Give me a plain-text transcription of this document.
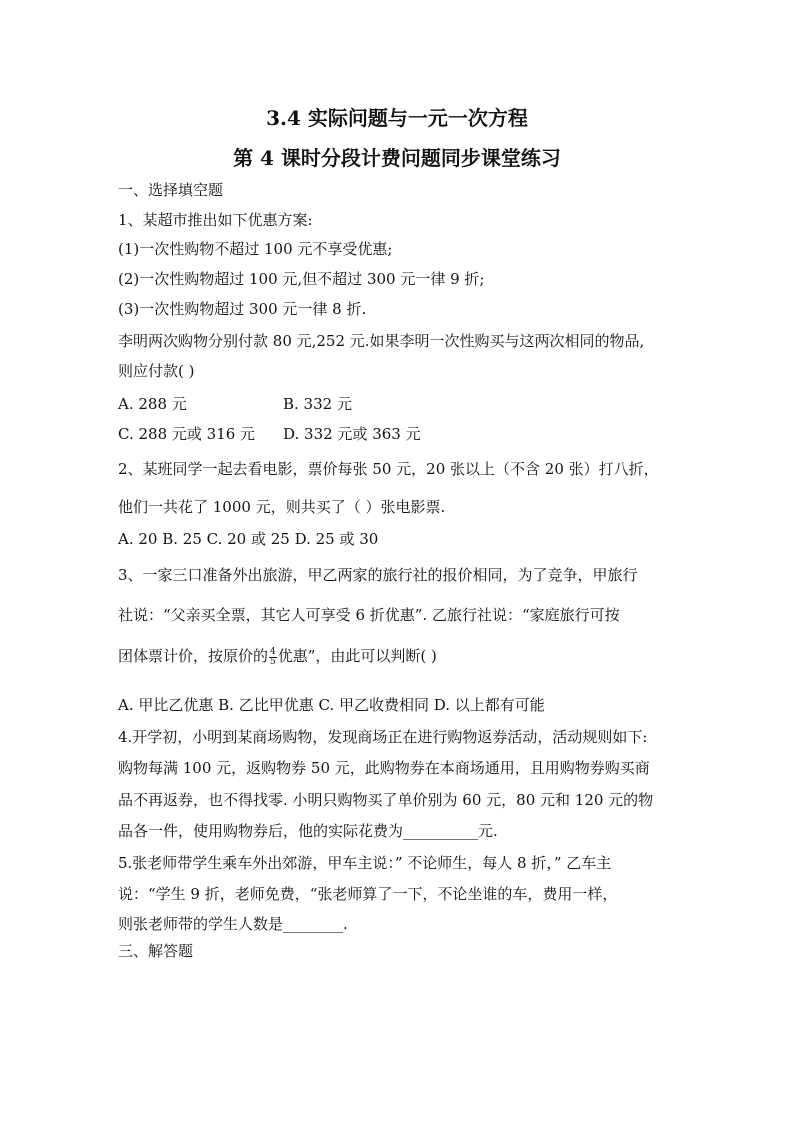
3.4 实际问题与一元一次方程
第 4 课时分段计费问题同步课堂练习
一、选择填空题
1、某超市推出如下优惠方案:
(1)一次性购物不超过 100 元不享受优惠;
(2)一次性购物超过 100 元,但不超过 300 元一律 9 折;
(3)一次性购物超过 300 元一律 8 折.
李明两次购物分别付款 80 元,252 元.如果李明一次性购买与这两次相同的物品,
则应付款( )
A. 288 元	B. 332 元
C. 288 元或 316 元 D. 332 元或 363 元
2、某班同学一起去看电影，票价每张 50 元，20 张以上（不含 20 张）打八折，
他们一共花了 1000 元，则共买了（ ）张电影票.
A. 20 B. 25 C. 20 或 25 D. 25 或 30
3、一家三口准备外出旅游，甲乙两家的旅行社的报价相同，为了竞争，甲旅行
社说：“父亲买全票，其它人可享受 6 折优惠”. 乙旅行社说：“家庭旅行可按
团体票计价，按原价的 $\frac{4}{5}$ 优惠”，由此可以判断( )
A. 甲比乙优惠 B. 乙比甲优惠 C. 甲乙收费相同 D. 以上都有可能
4.开学初，小明到某商场购物，发现商场正在进行购物返券活动，活动规则如下:
购物每满 100 元，返购物券 50 元，此购物券在本商场通用，且用购物券购买商
品不再返券，也不得找零. 小明只购物买了单价别为 60 元，80 元和 120 元的物
品各一件，使用购物券后，他的实际花费为__________元.
5.张老师带学生乘车外出郊游，甲车主说：” 不论师生，每人 8 折，” 乙车主
说：“学生 9 折，老师免费，“张老师算了一下，不论坐谁的车，费用一样，
则张老师带的学生人数是________.
三、解答题
